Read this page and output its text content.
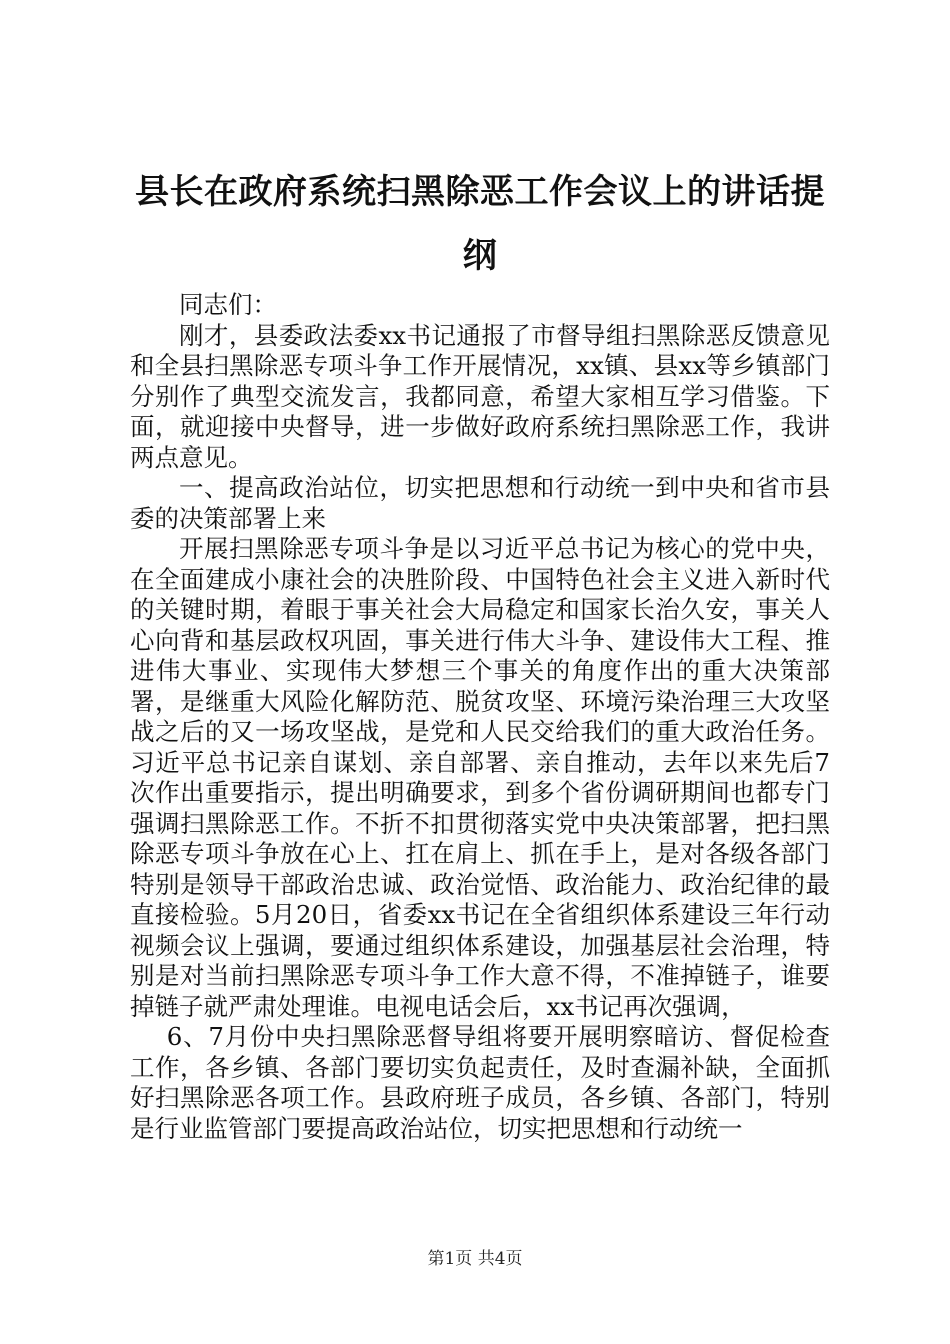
县长在政府系统扫黑除恶工作会议上的讲话提纲

同志们：

刚才，县委政法委xx书记通报了市督导组扫黑除恶反馈意见和全县扫黑除恶专项斗争工作开展情况，xx镇、县xx等乡镇部门分别作了典型交流发言，我都同意，希望大家相互学习借鉴。下面，就迎接中央督导，进一步做好政府系统扫黑除恶工作，我讲两点意见。

一、提高政治站位，切实把思想和行动统一到中央和省市县委的决策部署上来

开展扫黑除恶专项斗争是以习近平总书记为核心的党中央，在全面建成小康社会的决胜阶段、中国特色社会主义进入新时代的关键时期，着眼于事关社会大局稳定和国家长治久安，事关人心向背和基层政权巩固，事关进行伟大斗争、建设伟大工程、推进伟大事业、实现伟大梦想三个事关的角度作出的重大决策部署，是继重大风险化解防范、脱贫攻坚、环境污染治理三大攻坚战之后的又一场攻坚战，是党和人民交给我们的重大政治任务。习近平总书记亲自谋划、亲自部署、亲自推动，去年以来先后7次作出重要指示，提出明确要求，到多个省份调研期间也都专门强调扫黑除恶工作。不折不扣贯彻落实党中央决策部署，把扫黑除恶专项斗争放在心上、扛在肩上、抓在手上，是对各级各部门特别是领导干部政治忠诚、政治觉悟、政治能力、政治纪律的最直接检验。5月20日，省委xx书记在全省组织体系建设三年行动视频会议上强调，要通过组织体系建设，加强基层社会治理，特别是对当前扫黑除恶专项斗争工作大意不得，不准掉链子，谁要掉链子就严肃处理谁。电视电话会后，xx书记再次强调，

6、7月份中央扫黑除恶督导组将要开展明察暗访、督促检查工作，各乡镇、各部门要切实负起责任，及时查漏补缺，全面抓好扫黑除恶各项工作。县政府班子成员，各乡镇、各部门，特别是行业监管部门要提高政治站位，切实把思想和行动统一

第1页 共4页
